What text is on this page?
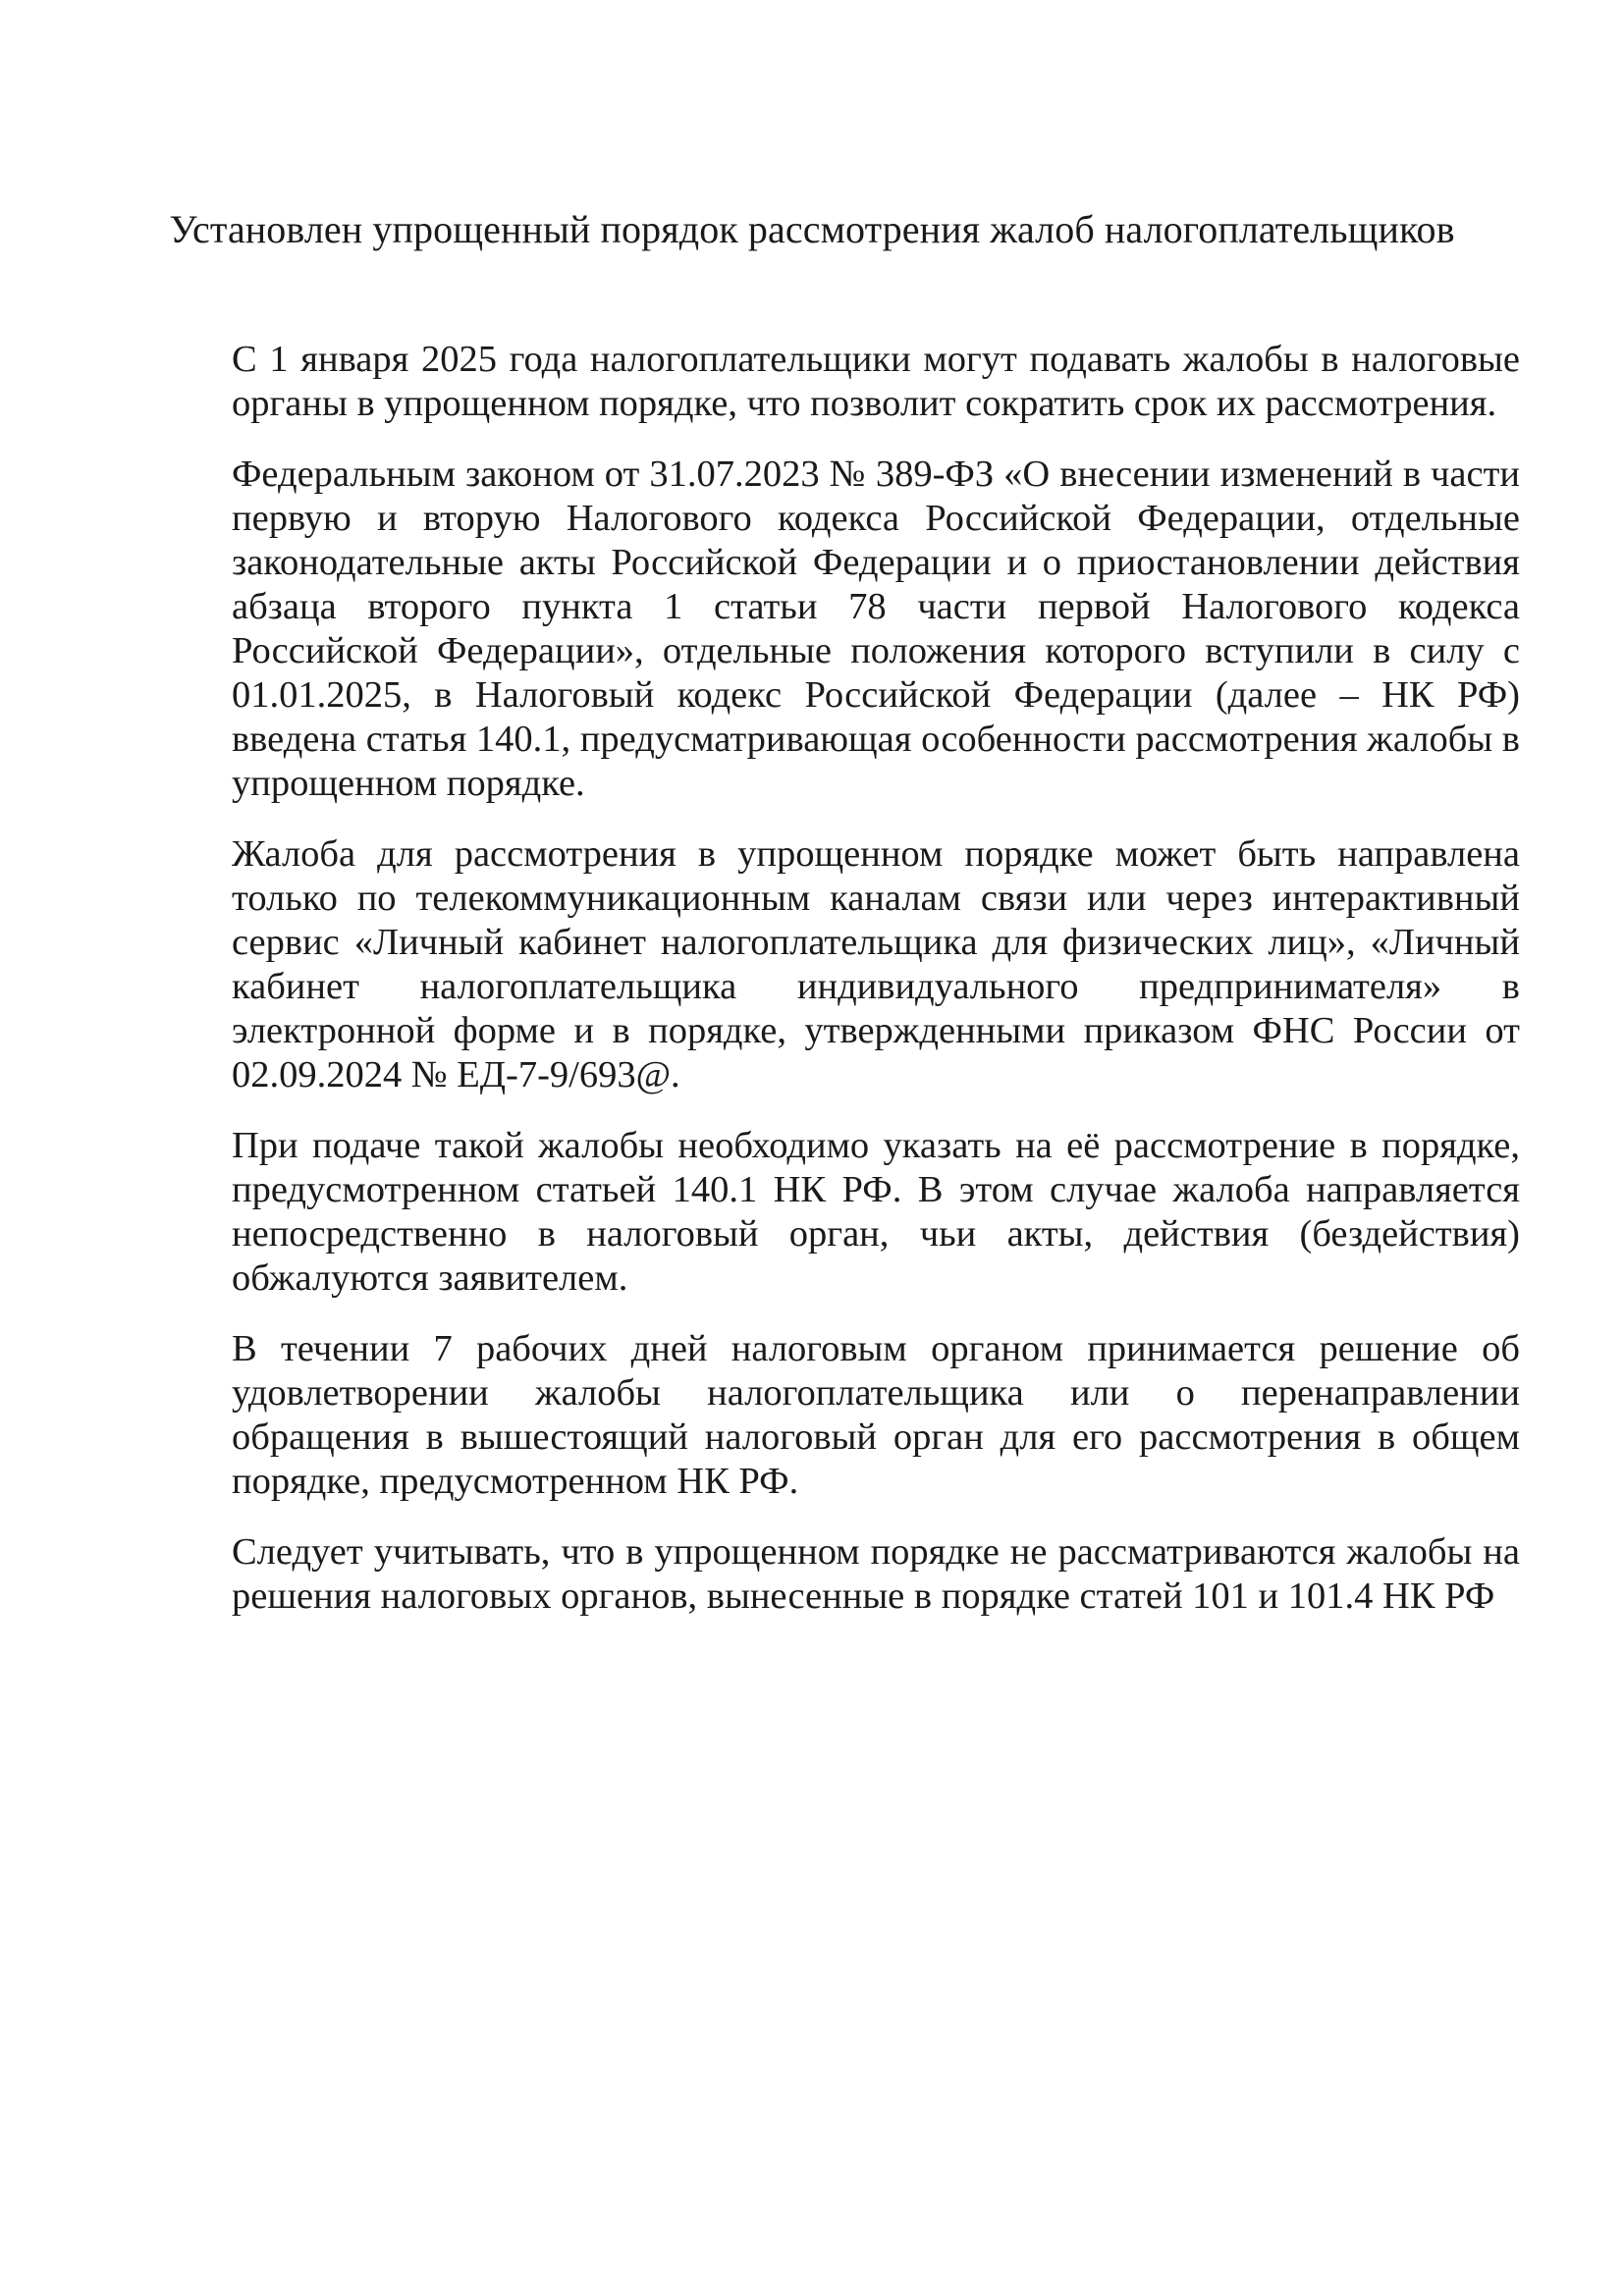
Установлен упрощенный порядок рассмотрения жалоб налогоплательщиков

С 1 января 2025 года налогоплательщики могут подавать жалобы в налоговые органы в упрощенном порядке, что позволит сократить срок их рассмотрения.

Федеральным законом от 31.07.2023 № 389-ФЗ «О внесении изменений в части первую и вторую Налогового кодекса Российской Федерации, отдельные законодательные акты Российской Федерации и о приостановлении действия абзаца второго пункта 1 статьи 78 части первой Налогового кодекса Российской Федерации», отдельные положения которого вступили в силу с 01.01.2025, в Налоговый кодекс Российской Федерации (далее – НК РФ) введена статья 140.1, предусматривающая особенности рассмотрения жалобы в упрощенном порядке.

Жалоба для рассмотрения в упрощенном порядке может быть направлена только по телекоммуникационным каналам связи или через интерактивный сервис «Личный кабинет налогоплательщика для физических лиц», «Личный кабинет налогоплательщика индивидуального предпринимателя» в электронной форме и в порядке, утвержденными приказом ФНС России от 02.09.2024 № ЕД-7-9/693@.

При подаче такой жалобы необходимо указать на её рассмотрение в порядке, предусмотренном статьей 140.1 НК РФ. В этом случае жалоба направляется непосредственно в налоговый орган, чьи акты, действия (бездействия) обжалуются заявителем.

В течении 7 рабочих дней налоговым органом принимается решение об удовлетворении жалобы налогоплательщика или о перенаправлении обращения в вышестоящий налоговый орган для его рассмотрения в общем порядке, предусмотренном НК РФ.

Следует учитывать, что в упрощенном порядке не рассматриваются жалобы на решения налоговых органов, вынесенные в порядке статей 101 и 101.4 НК РФ
